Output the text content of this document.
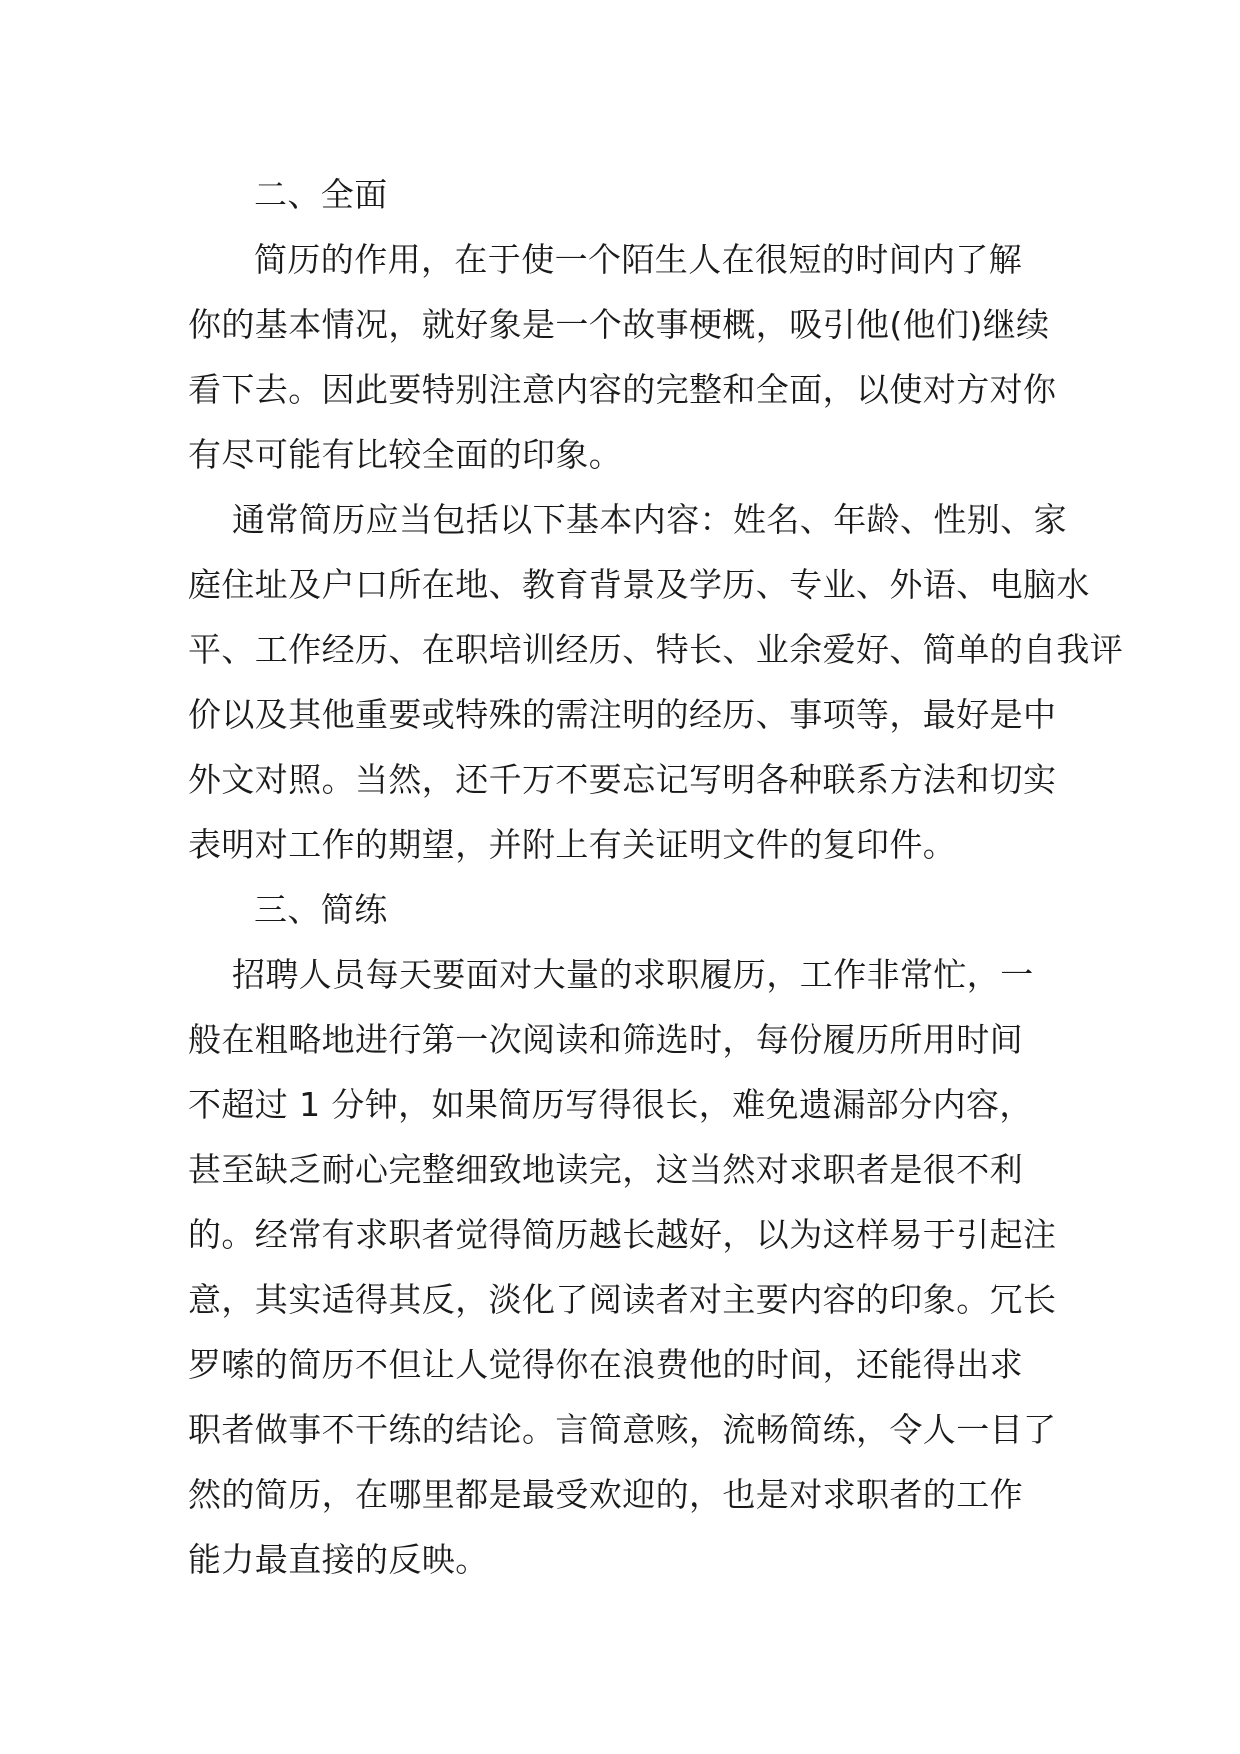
二、全面
简历的作用，在于使一个陌生人在很短的时间内了解
你的基本情况，就好象是一个故事梗概，吸引他(他们)继续
看下去。因此要特别注意内容的完整和全面，以使对方对你
有尽可能有比较全面的印象。
通常简历应当包括以下基本内容：姓名、年龄、性别、家
庭住址及户口所在地、教育背景及学历、专业、外语、电脑水
平、工作经历、在职培训经历、特长、业余爱好、简单的自我评
价以及其他重要或特殊的需注明的经历、事项等，最好是中
外文对照。当然，还千万不要忘记写明各种联系方法和切实
表明对工作的期望，并附上有关证明文件的复印件。
三、简练
招聘人员每天要面对大量的求职履历，工作非常忙，一
般在粗略地进行第一次阅读和筛选时，每份履历所用时间
不超过 1 分钟，如果简历写得很长，难免遗漏部分内容，
甚至缺乏耐心完整细致地读完，这当然对求职者是很不利
的。经常有求职者觉得简历越长越好，以为这样易于引起注
意，其实适得其反，淡化了阅读者对主要内容的印象。冗长
罗嗦的简历不但让人觉得你在浪费他的时间，还能得出求
职者做事不干练的结论。言简意赅，流畅简练，令人一目了
然的简历，在哪里都是最受欢迎的，也是对求职者的工作
能力最直接的反映。
